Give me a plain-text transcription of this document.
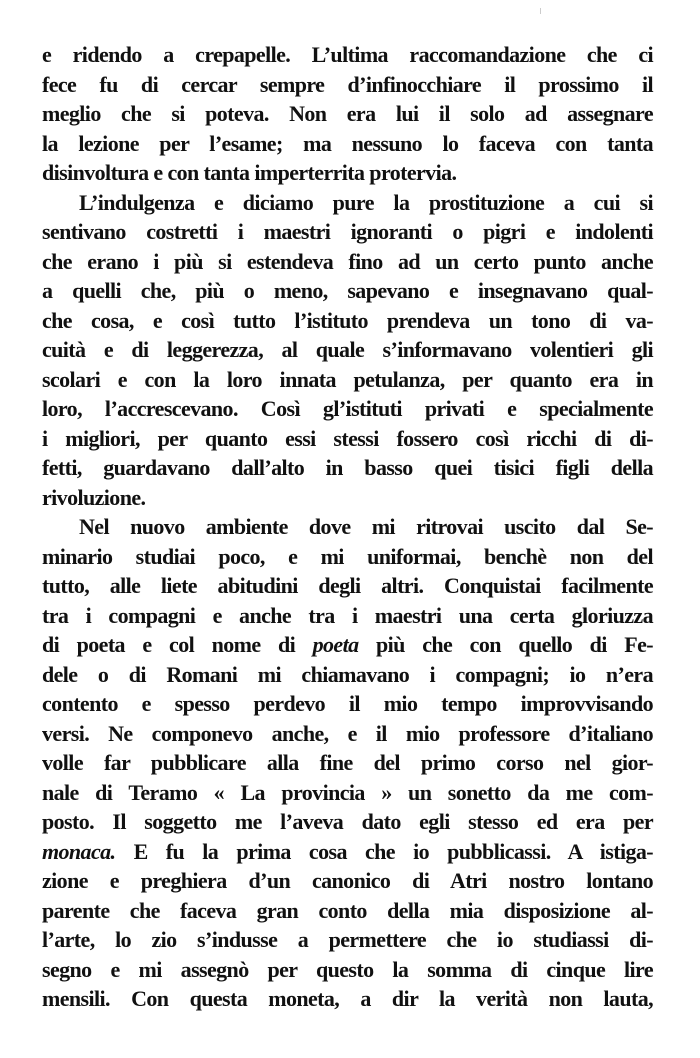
e ridendo a crepapelle. L’ultima raccomandazione che ci
fece fu di cercar sempre d’infinocchiare il prossimo il
meglio che si poteva. Non era lui il solo ad assegnare
la lezione per l’esame; ma nessuno lo faceva con tanta
disinvoltura e con tanta imperterrita protervia.
L’indulgenza e diciamo pure la prostituzione a cui si
sentivano costretti i maestri ignoranti o pigri e indolenti
che erano i più si estendeva fino ad un certo punto anche
a quelli che, più o meno, sapevano e insegnavano qual-
che cosa, e così tutto l’istituto prendeva un tono di va-
cuità e di leggerezza, al quale s’informavano volentieri gli
scolari e con la loro innata petulanza, per quanto era in
loro, l’accrescevano. Così gl’istituti privati e specialmente
i migliori, per quanto essi stessi fossero così ricchi di di-
fetti, guardavano dall’alto in basso quei tisici figli della
rivoluzione.
Nel nuovo ambiente dove mi ritrovai uscito dal Se-
minario studiai poco, e mi uniformai, benchè non del
tutto, alle liete abitudini degli altri. Conquistai facilmente
tra i compagni e anche tra i maestri una certa gloriuzza
di poeta e col nome di poeta più che con quello di Fe-
dele o di Romani mi chiamavano i compagni; io n’era
contento e spesso perdevo il mio tempo improvvisando
versi. Ne componevo anche, e il mio professore d’italiano
volle far pubblicare alla fine del primo corso nel gior-
nale di Teramo « La provincia » un sonetto da me com-
posto. Il soggetto me l’aveva dato egli stesso ed era per
monaca. E fu la prima cosa che io pubblicassi. A istiga-
zione e preghiera d’un canonico di Atri nostro lontano
parente che faceva gran conto della mia disposizione al-
l’arte, lo zio s’indusse a permettere che io studiassi di-
segno e mi assegnò per questo la somma di cinque lire
mensili. Con questa moneta, a dir la verità non lauta,
